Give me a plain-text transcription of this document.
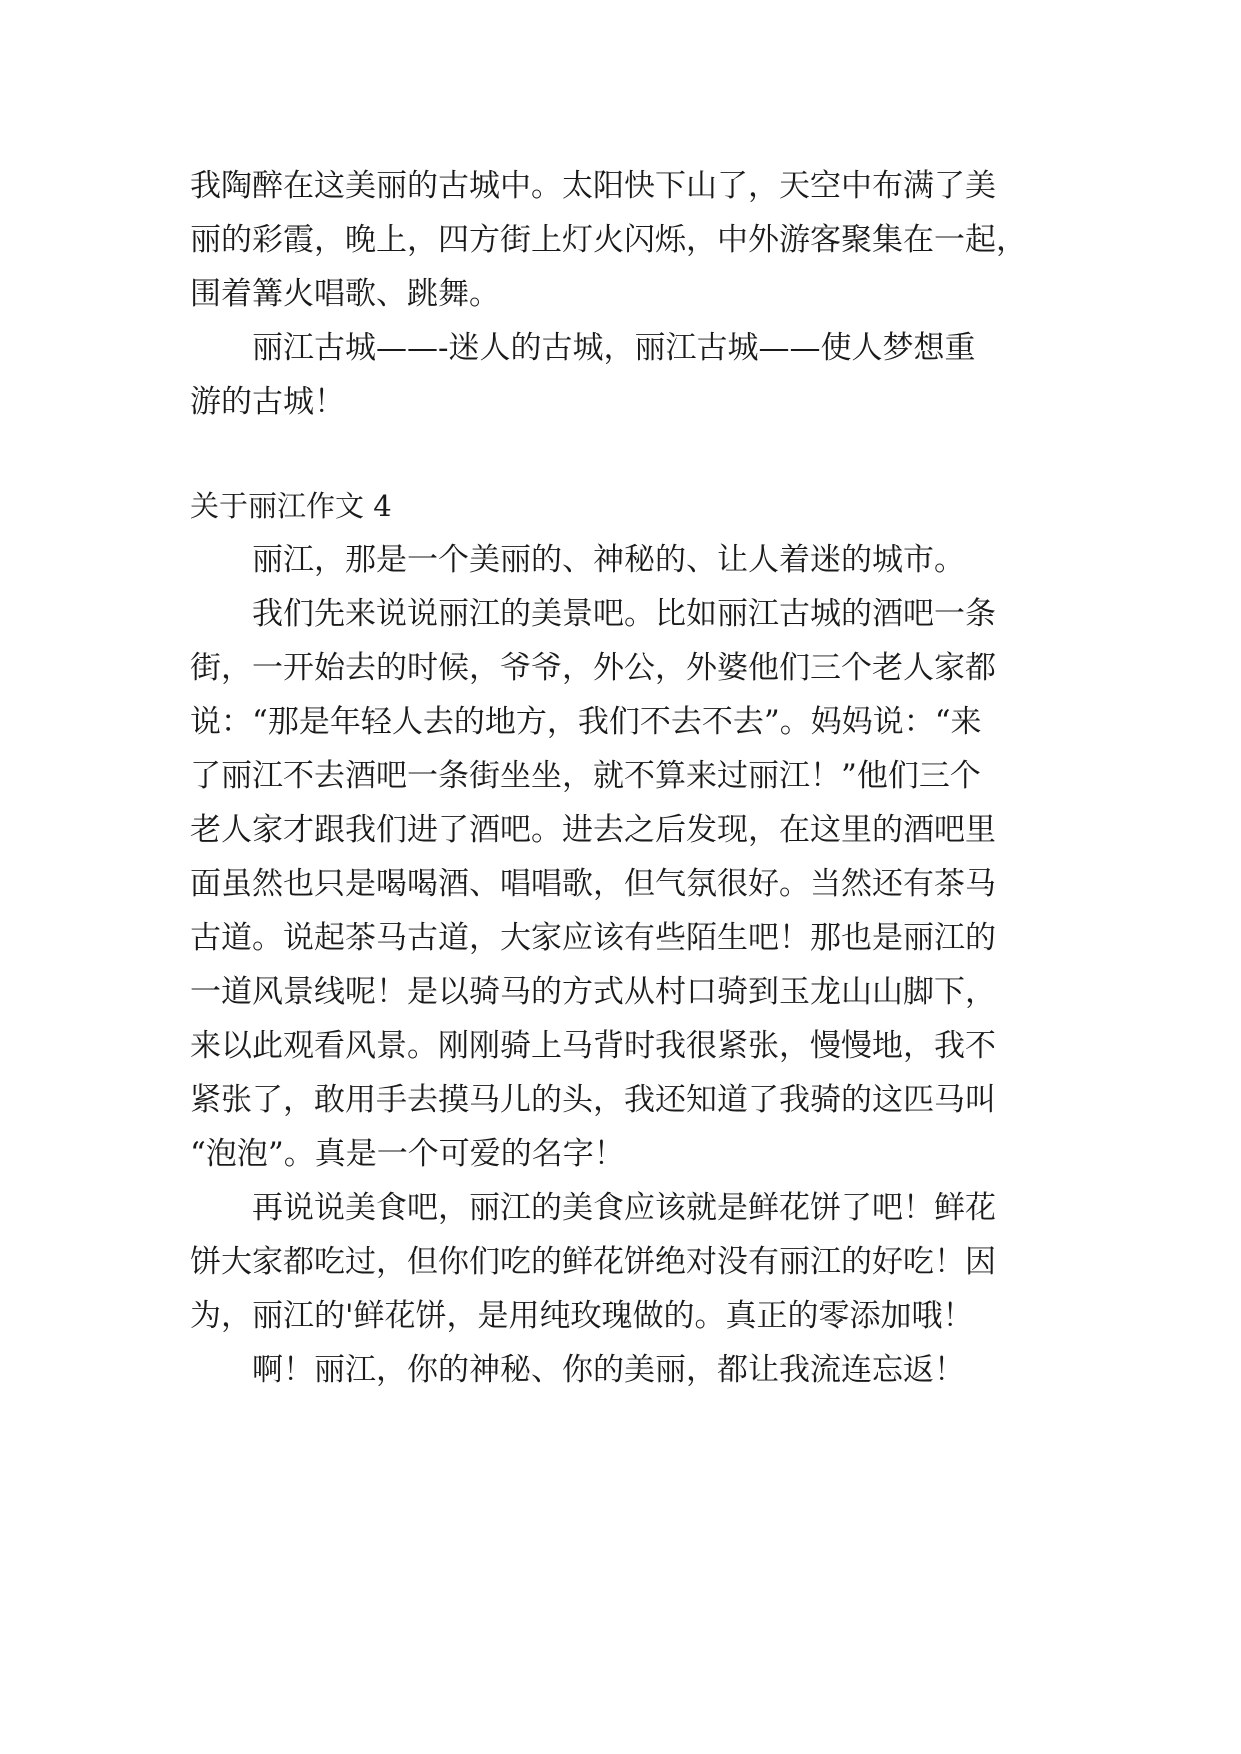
我陶醉在这美丽的古城中。太阳快下山了，天空中布满了美
丽的彩霞，晚上，四方街上灯火闪烁，中外游客聚集在一起，
围着篝火唱歌、跳舞。
　　丽江古城——-迷人的古城，丽江古城——使人梦想重
游的古城！
关于丽江作文 4
　　丽江，那是一个美丽的、神秘的、让人着迷的城市。
　　我们先来说说丽江的美景吧。比如丽江古城的酒吧一条
街，一开始去的时候，爷爷，外公，外婆他们三个老人家都
说：“那是年轻人去的地方，我们不去不去”。妈妈说：“来
了丽江不去酒吧一条街坐坐，就不算来过丽江！”他们三个
老人家才跟我们进了酒吧。进去之后发现，在这里的酒吧里
面虽然也只是喝喝酒、唱唱歌，但气氛很好。当然还有茶马
古道。说起茶马古道，大家应该有些陌生吧！那也是丽江的
一道风景线呢！是以骑马的方式从村口骑到玉龙山山脚下，
来以此观看风景。刚刚骑上马背时我很紧张，慢慢地，我不
紧张了，敢用手去摸马儿的头，我还知道了我骑的这匹马叫
“泡泡”。真是一个可爱的名字！
　　再说说美食吧，丽江的美食应该就是鲜花饼了吧！鲜花
饼大家都吃过，但你们吃的鲜花饼绝对没有丽江的好吃！因
为，丽江的'鲜花饼，是用纯玫瑰做的。真正的零添加哦！
　　啊！丽江，你的神秘、你的美丽，都让我流连忘返！
